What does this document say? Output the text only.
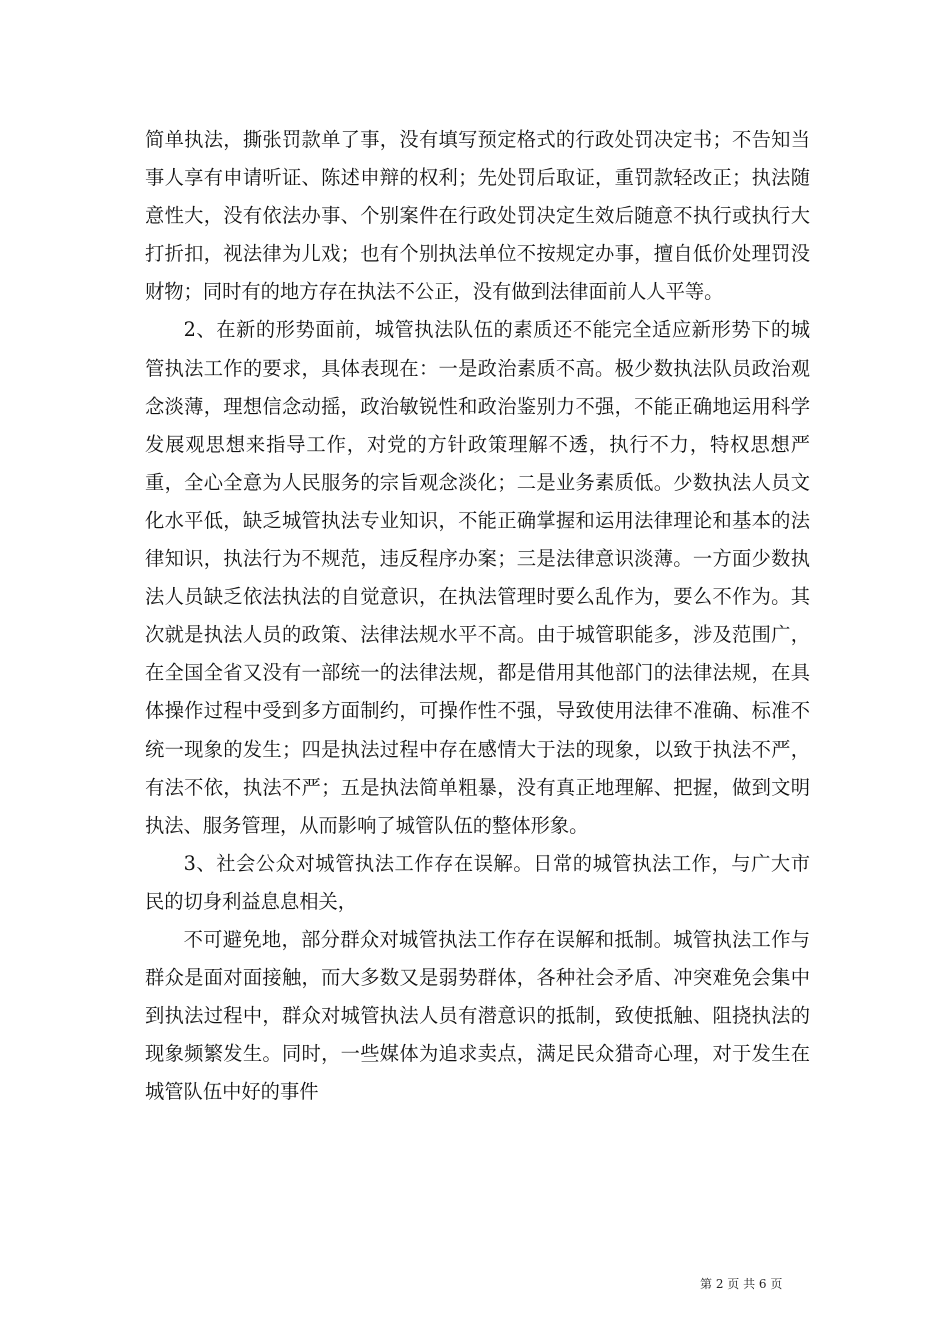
简单执法，撕张罚款单了事，没有填写预定格式的行政处罚决定书；不告知当事人享有申请听证、陈述申辩的权利；先处罚后取证，重罚款轻改正；执法随意性大，没有依法办事、个别案件在行政处罚决定生效后随意不执行或执行大打折扣，视法律为儿戏；也有个别执法单位不按规定办事，擅自低价处理罚没财物；同时有的地方存在执法不公正，没有做到法律面前人人平等。

2、在新的形势面前，城管执法队伍的素质还不能完全适应新形势下的城管执法工作的要求，具体表现在：一是政治素质不高。极少数执法队员政治观念淡薄，理想信念动摇，政治敏锐性和政治鉴别力不强，不能正确地运用科学发展观思想来指导工作，对党的方针政策理解不透，执行不力，特权思想严重，全心全意为人民服务的宗旨观念淡化；二是业务素质低。少数执法人员文化水平低，缺乏城管执法专业知识，不能正确掌握和运用法律理论和基本的法律知识，执法行为不规范，违反程序办案；三是法律意识淡薄。一方面少数执法人员缺乏依法执法的自觉意识，在执法管理时要么乱作为，要么不作为。其次就是执法人员的政策、法律法规水平不高。由于城管职能多，涉及范围广，在全国全省又没有一部统一的法律法规，都是借用其他部门的法律法规，在具体操作过程中受到多方面制约，可操作性不强，导致使用法律不准确、标准不统一现象的发生；四是执法过程中存在感情大于法的现象，以致于执法不严，有法不依，执法不严；五是执法简单粗暴，没有真正地理解、把握，做到文明执法、服务管理，从而影响了城管队伍的整体形象。

3、社会公众对城管执法工作存在误解。日常的城管执法工作，与广大市民的切身利益息息相关，

不可避免地，部分群众对城管执法工作存在误解和抵制。城管执法工作与群众是面对面接触，而大多数又是弱势群体，各种社会矛盾、冲突难免会集中到执法过程中，群众对城管执法人员有潜意识的抵制，致使抵触、阻挠执法的现象频繁发生。同时，一些媒体为追求卖点，满足民众猎奇心理，对于发生在城管队伍中好的事件

第 2 页 共 6 页
